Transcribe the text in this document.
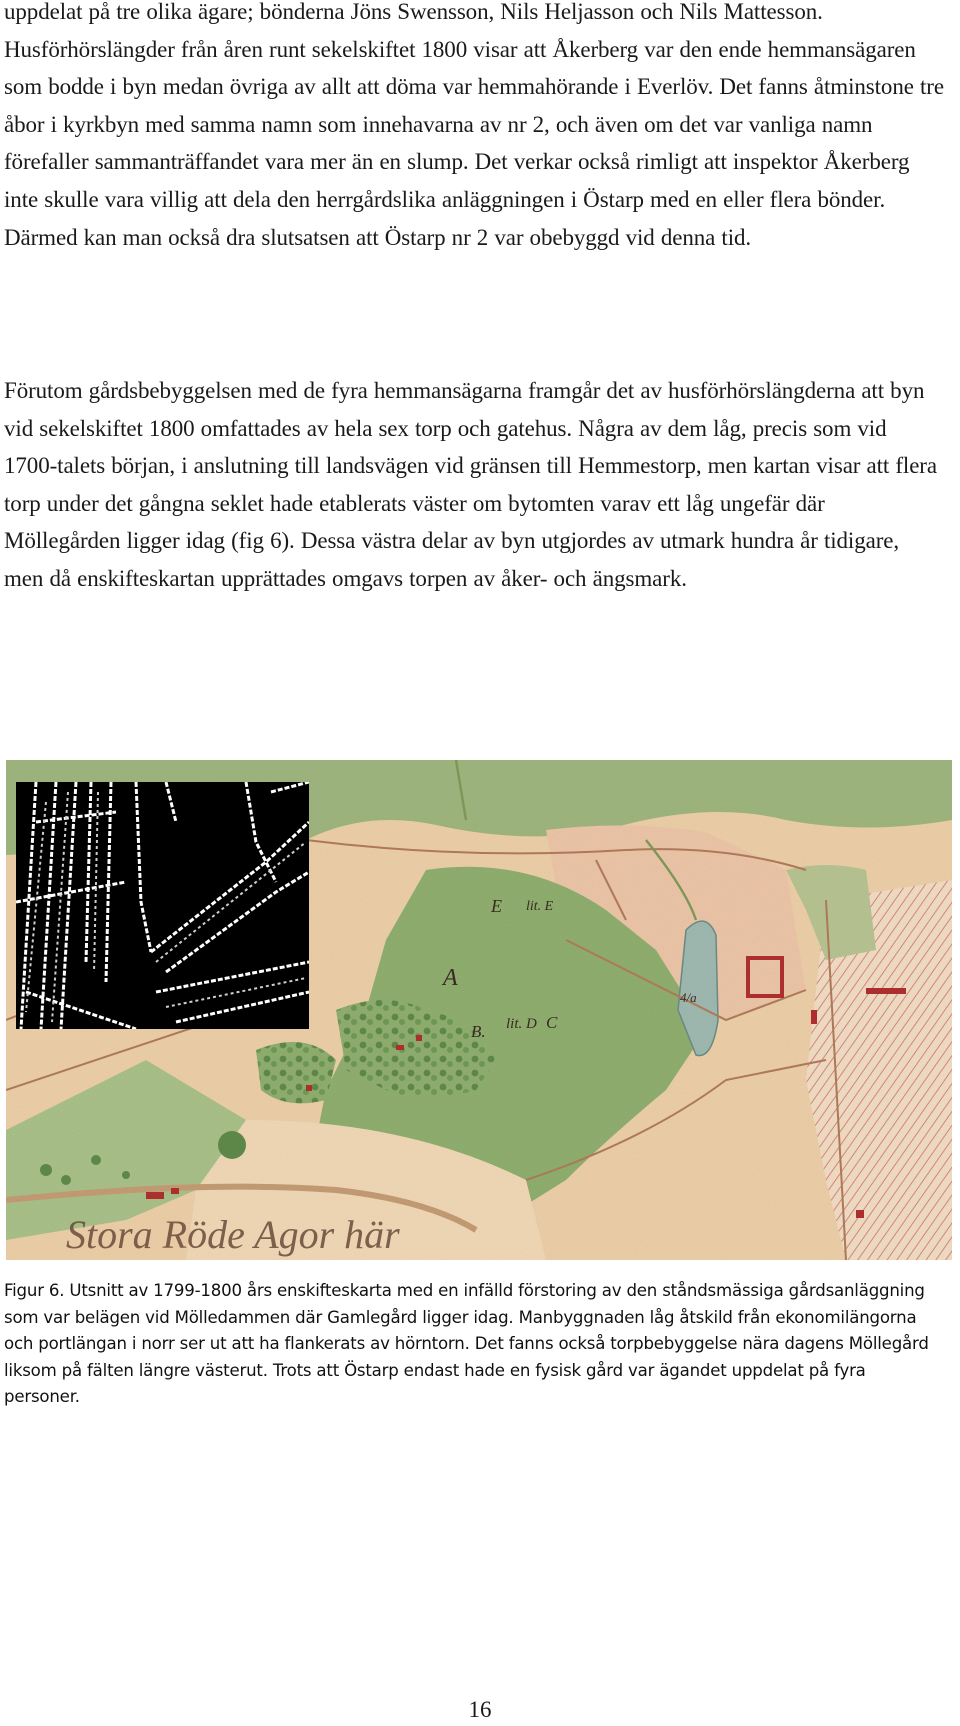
uppdelat på tre olika ägare; bönderna Jöns Swensson, Nils Heljasson och Nils Mattesson. Husförhörslängder från åren runt sekelskiftet 1800 visar att Åkerberg var den ende hemmansägaren som bodde i byn medan övriga av allt att döma var hemmahörande i Everlöv. Det fanns åtminstone tre åbor i kyrkbyn med samma namn som innehavarna av nr 2, och även om det var vanliga namn förefaller sammanträffandet vara mer än en slump. Det verkar också rimligt att inspektor Åkerberg inte skulle vara villig att dela den herrgårdslika anläggningen i Östarp med en eller flera bönder. Därmed kan man också dra slutsatsen att Östarp nr 2 var obebyggd vid denna tid.

Förutom gårdsbebyggelsen med de fyra hemmansägarna framgår det av husförhörslängderna att byn vid sekelskiftet 1800 omfattades av hela sex torp och gatehus. Några av dem låg, precis som vid 1700-talets början, i anslutning till landsvägen vid gränsen till Hemmestorp, men kartan visar att flera torp under det gångna seklet hade etablerats väster om bytomten varav ett låg ungefär där Möllegården ligger idag (fig 6). Dessa västra delar av byn utgjordes av utmark hundra år tidigare, men då enskifteskartan upprättades omgavs torpen av åker- och ängsmark.

A
B.	C
E
lit. D
4/a
lit. E
Stora Röde Agor här

Figur 6. Utsnitt av 1799-1800 års enskifteskarta med en infälld förstoring av den ståndsmässiga gårdsanläggning som var belägen vid Mölledammen där Gamlegård ligger idag. Manbyggnaden låg åtskild från ekonomilängorna och portlängan i norr ser ut att ha flankerats av hörntorn. Det fanns också torpbebyggelse nära dagens Möllegård liksom på fälten längre västerut. Trots att Östarp endast hade en fysisk gård var ägandet uppdelat på fyra personer.

16
